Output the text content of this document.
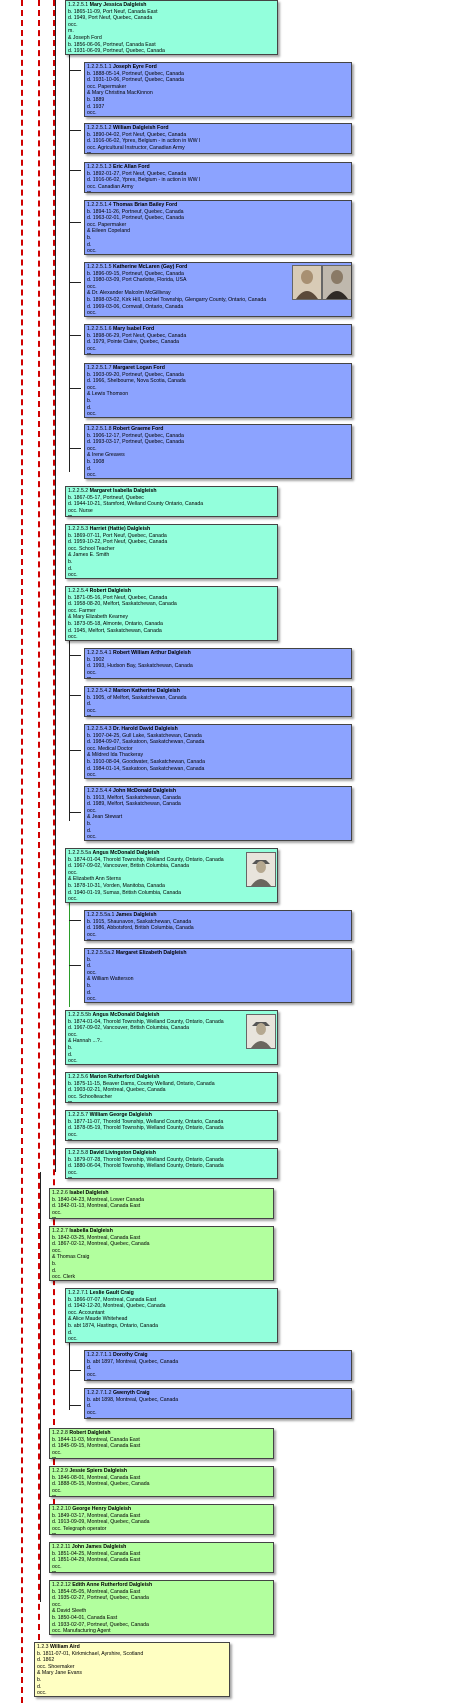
1.2.2.5.1 Mary Jessica Dalgleish
b. 1865-11-09, Port Neuf, Canada East
d. 1949, Port Neuf, Quebec, Canada
occ.
m.
& Joseph Ford
b. 1856-06-06, Portneuf, Canada East
d. 1931-06-09, Portneuf, Quebec, Canada
1.2.2.5.1.1 Joseph Eyre Ford
b. 1888-05-14, Portneuf, Quebec, Canada
d. 1931-10-06, Portneuf, Quebec, Canada
occ. Papermaker
& Mary Christina MacKinnon
b. 1889
d. 1937
occ.
1.2.2.5.1.2 William Dalgleish Ford
b. 1890-04-02, Port Neuf, Quebec, Canada
d. 1916-06-02, Ypres, Belgium - in action in WW I
occ. Agricultural Instructor, Canadian Army
1.2.2.5.1.3 Eric Allan Ford
b. 1892-01-27, Port Neuf, Quebec, Canada
d. 1916-06-02, Ypres, Belgium - in action in WW I
occ. Canadian Army
1.2.2.5.1.4 Thomas Brian Bailey Ford
b. 1894-11-26, Portneuf, Quebec, Canada
d. 1963-02-01, Portneuf, Quebec, Canada
occ. Papermaker
& Eileen Copeland
b.
d.
occ.
1.2.2.5.1.5 Katherine McLaren (Gay) Ford
b. 1896-09-15, Portneuf, Quebec, Canada
d. 1980-03-09, Port Charlotte, Florida, USA
occ.
& Dr. Alexander Malcolm McGillivray
b. 1898-03-02, Kirk Hill, Lochiel Township, Glengarry County, Ontario, Canada
d. 1969-03-06, Cornwall, Ontario, Canada
occ.
1.2.2.5.1.6 Mary Isabel Ford
b. 1898-06-29, Port Neuf, Quebec, Canada
d. 1979, Pointe Claire, Quebec, Canada
occ.
1.2.2.5.1.7 Margaret Logan Ford
b. 1903-09-20, Portneuf, Quebec, Canada
d. 1966, Shelbourne, Nova Scotia, Canada
occ.
& Lewis Thomson
b.
d.
occ.
1.2.2.5.1.8 Robert Graeme Ford
b. 1906-12-17, Portneuf, Quebec, Canada
d. 1993-03-17, Portneuf, Quebec, Canada
occ.
& Irene Greaves
b. 1908
d.
occ.
1.2.2.5.2 Margaret Isabella Dalgleish
b. 1867-05-17, Portneuf, Quebec
d. 1944-10-21, Stamford, Welland County Ontario, Canada
occ. Nurse
1.2.2.5.3 Harriet (Hattie) Dalgleish
b. 1869-07-11, Port Neuf, Quebec, Canada
d. 1959-10-22, Port Neuf, Quebec, Canada
occ. School Teacher
& James E. Smith
b.
d.
occ.
1.2.2.5.4 Robert Dalgleish
b. 1871-05-16, Port Neuf, Quebec, Canada
d. 1958-08-20, Melfort, Saskatchewan, Canada
occ. Farmer
& Mary Elizabeth Kearney
b. 1873-05-18, Almonte, Ontario, Canada
d. 1945, Melfort, Saskatchewan, Canada
occ.
1.2.2.5.4.1 Robert William Arthur Dalgleish
b. 1902
d. 1993, Hudson Bay, Saskatchewan, Canada
occ.
1.2.2.5.4.2 Marion Katherine Dalgleish
b. 1905, of Melfort, Saskatchewan, Canada
d.
occ.
1.2.2.5.4.3 Dr. Harold David Dalgleish
b. 1907-04-25, Gull Lake, Saskatchewan, Canada
d. 1984-09-07, Saskatoon, Saskatchewan, Canada
occ. Medical Doctor
& Mildred Ida Thackeray
b. 1910-08-04, Goodwater, Saskatchewan, Canada
d. 1984-01-14, Saskatoon, Saskatchewan, Canada
occ.
1.2.2.5.4.4 John McDonald Dalgleish
b. 1913, Melfort, Saskatchewan, Canada
d. 1989, Melfort, Saskatchewan, Canada
occ.
& Jean Stewart
b.
d.
occ.
1.2.2.5.5a Angus McDonald Dalgleish
b. 1874-01-04, Thorold Township, Welland County, Ontario, Canada
d. 1967-09-02, Vancouver, British Columbia, Canada
occ.
& Elizabeth Ann Sterns
b. 1878-10-31, Vorden, Manitoba, Canada
d. 1940-01-19, Sumas, British Columbia, Canada
occ.
1.2.2.5.5a.1 James Dalgleish
b. 1915, Shaunavon, Saskatchewan, Canada
d. 1986, Abbotsford, British Columbia, Canada
occ.
1.2.2.5.5a.2 Margaret Elizabeth Dalgleish
b.
d.
occ.
& William Watterson
b.
d.
occ.
1.2.2.5.5b Angus McDonald Dalgleish
b. 1874-01-04, Thorold Township, Welland County, Ontario, Canada
d. 1967-09-02, Vancouver, British Columbia, Canada
occ.
& Hannah ...?..
b.
d.
occ.
1.2.2.5.6 Marion Rutherford Dalgleish
b. 1875-11-15, Beaver Dams, County Welland, Ontario, Canada
d. 1903-02-21, Montreal, Quebec, Canada
occ. Schoolteacher
1.2.2.5.7 William George Dalgleish
b. 1877-11-07, Thorold Township, Welland County, Ontario, Canada
d. 1878-05-19, Thorold Township, Welland County, Ontario, Canada
occ.
1.2.2.5.8 David Livingston Dalgleish
b. 1879-07-28, Thorold Township, Welland County, Ontario, Canada
d. 1880-06-04, Thorold Township, Welland County, Ontario, Canada
occ.
1.2.2.6 Isabel Dalgleish
b. 1840-04-23, Montreal, Lower Canada
d. 1842-01-13, Montreal, Canada East
occ.
1.2.2.7 Isabella Dalgleish
b. 1842-03-25, Montreal, Canada East
d. 1867-02-12, Montreal, Quebec, Canada
occ.
& Thomas Craig
b.
d.
occ. Clerk
1.2.2.7.1 Leslie Gault Craig
b. 1866-07-07, Montreal, Canada East
d. 1942-12-20, Montreal, Quebec, Canada
occ. Accountant
& Alice Maude Whitehead
b. abt 1874, Hastings, Ontario, Canada
d.
occ.
1.2.2.7.1.1 Dorothy Craig
b. abt 1897, Montreal, Quebec, Canada
d.
occ.
1.2.2.7.1.2 Gwenyth Craig
b. abt 1898, Montreal, Quebec, Canada
d.
occ.
1.2.2.8 Robert Dalgleish
b. 1844-11-03, Montreal, Canada East
d. 1845-09-15, Montreal, Canada East
occ.
1.2.2.9 Jessie Spiers Dalgleish
b. 1846-08-01, Montreal, Canada East
d. 1888-05-15, Montreal, Quebec, Canada
occ.
1.2.2.10 George Henry Dalgleish
b. 1849-03-17, Montreal, Canada East
d. 1913-09-09, Montreal, Quebec, Canada
occ. Telegraph operator
1.2.2.11 John James Dalgleish
b. 1851-04-25, Montreal, Canada East
d. 1851-04-29, Montreal, Canada East
occ.
1.2.2.12 Edith Anne Rutherford Dalgleish
b. 1854-05-05, Montreal, Canada East
d. 1935-02-27, Portneuf, Quebec, Canada
occ.
& David Sleeth
b. 1850-04-01, Canada East
d. 1933-02-07, Portneuf, Quebec, Canada
occ. Manufacturing Agent
1.2.3 William Aird
b. 1811-07-01, Kirkmichael, Ayrshire, Scotland
d. 1862
occ. Shoemaker
& Mary Jane Evans
b.
d.
occ.
